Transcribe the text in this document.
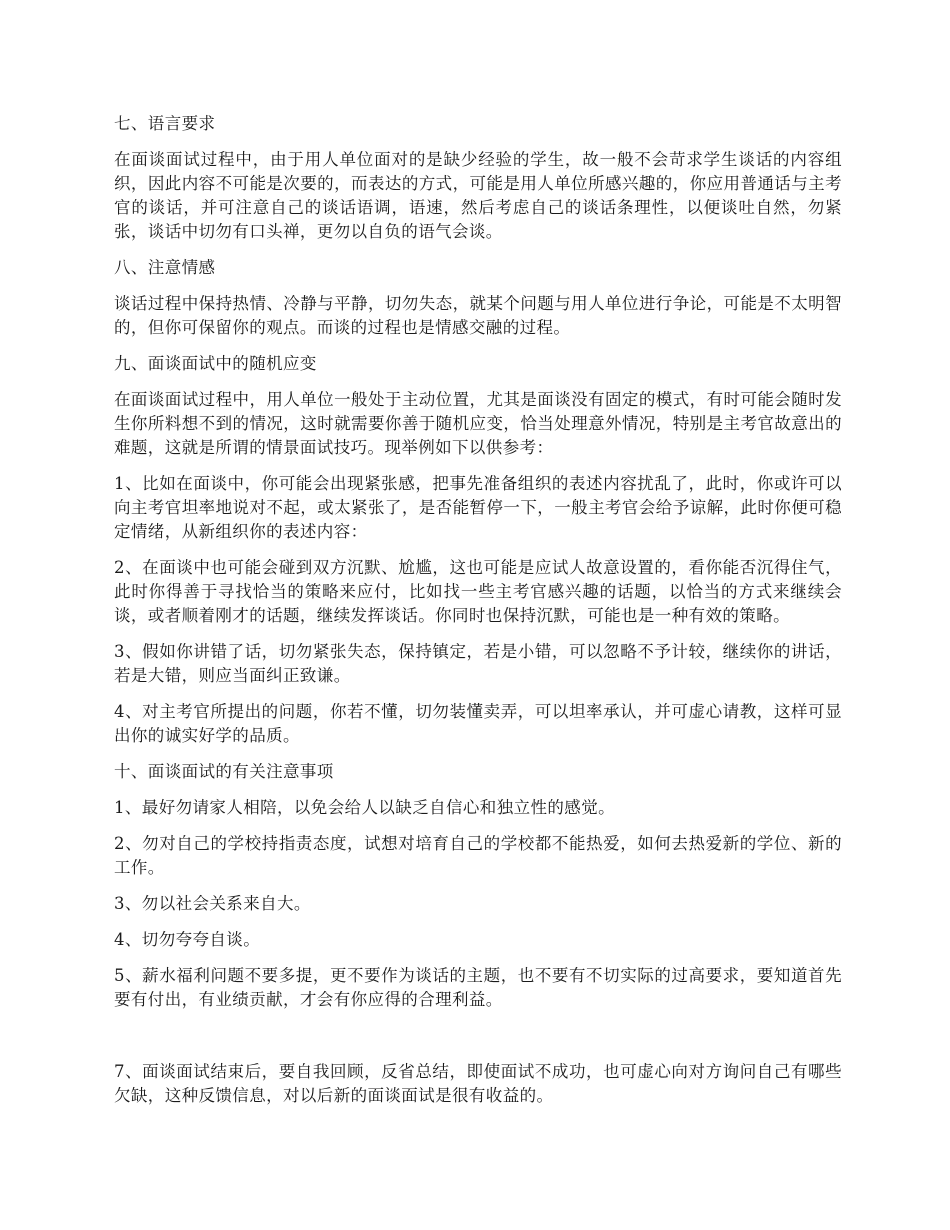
七、语言要求
在面谈面试过程中，由于用人单位面对的是缺少经验的学生，故一般不会苛求学生谈话的内容组织，因此内容不可能是次要的，而表达的方式，可能是用人单位所感兴趣的，你应用普通话与主考官的谈话，并可注意自己的谈话语调，语速，然后考虑自己的谈话条理性，以便谈吐自然，勿紧张，谈话中切勿有口头禅，更勿以自负的语气会谈。
八、注意情感
谈话过程中保持热情、冷静与平静，切勿失态，就某个问题与用人单位进行争论，可能是不太明智的，但你可保留你的观点。而谈的过程也是情感交融的过程。
九、面谈面试中的随机应变
在面谈面试过程中，用人单位一般处于主动位置，尤其是面谈没有固定的模式，有时可能会随时发生你所料想不到的情况，这时就需要你善于随机应变，恰当处理意外情况，特别是主考官故意出的难题，这就是所谓的情景面试技巧。现举例如下以供参考：
1、比如在面谈中，你可能会出现紧张感，把事先准备组织的表述内容扰乱了，此时，你或许可以向主考官坦率地说对不起，或太紧张了，是否能暂停一下，一般主考官会给予谅解，此时你便可稳定情绪，从新组织你的表述内容：
2、在面谈中也可能会碰到双方沉默、尬尴，这也可能是应试人故意设置的，看你能否沉得住气，此时你得善于寻找恰当的策略来应付，比如找一些主考官感兴趣的话题，以恰当的方式来继续会谈，或者顺着刚才的话题，继续发挥谈话。你同时也保持沉默，可能也是一种有效的策略。
3、假如你讲错了话，切勿紧张失态，保持镇定，若是小错，可以忽略不予计较，继续你的讲话，若是大错，则应当面纠正致谦。
4、对主考官所提出的问题，你若不懂，切勿装懂卖弄，可以坦率承认，并可虚心请教，这样可显出你的诚实好学的品质。
十、面谈面试的有关注意事项
1、最好勿请家人相陪，以免会给人以缺乏自信心和独立性的感觉。
2、勿对自己的学校持指责态度，试想对培育自己的学校都不能热爱，如何去热爱新的学位、新的工作。
3、勿以社会关系来自大。
4、切勿夸夸自谈。
5、薪水福利问题不要多提，更不要作为谈话的主题，也不要有不切实际的过高要求，要知道首先要有付出，有业绩贡献，才会有你应得的合理利益。
7、面谈面试结束后，要自我回顾，反省总结，即使面试不成功，也可虚心向对方询问自己有哪些欠缺，这种反馈信息，对以后新的面谈面试是很有收益的。
